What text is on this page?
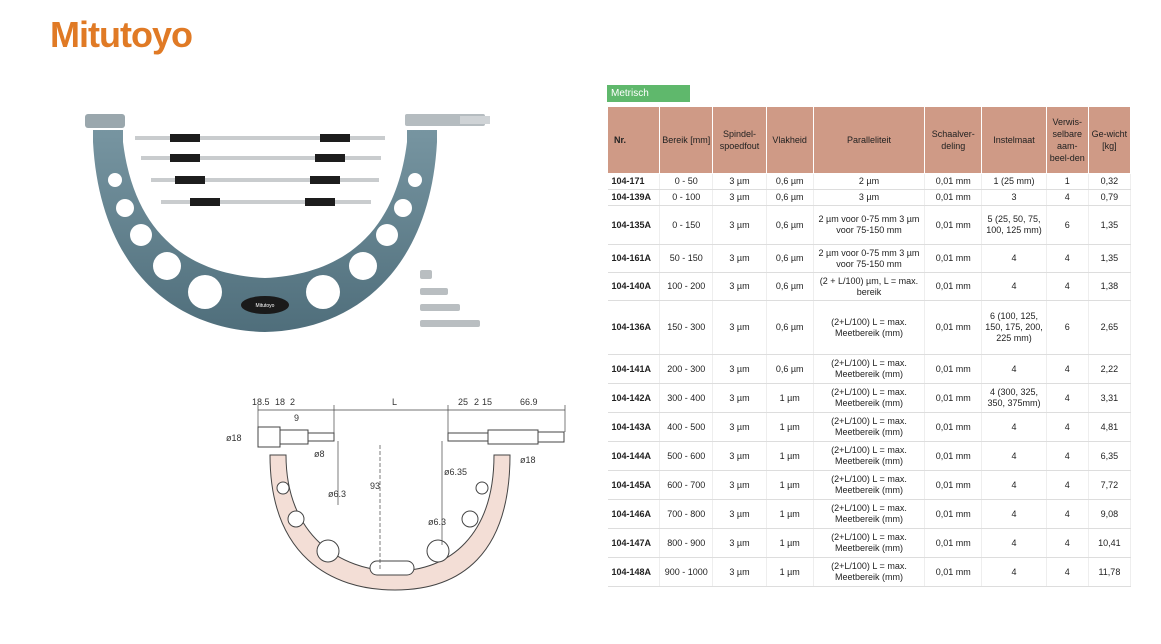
Mitutoyo
Mitutoyo
18.5 18 2
9
L	25 2 15	66.9
ø18
ø8
ø6.3
93
ø6.35
ø6.3
ø18
Metrisch
Nr.	Bereik [mm]	Spindel-spoedfout	Vlakheid	Paralleliteit	Schaalver-deling	Instelmaat	Verwis-selbare aam-beel-den	Ge-wicht [kg]
104-171	0 - 50	3 µm	0,6 µm	2 µm	0,01 mm	1 (25 mm)	1	0,32
104-139A	0 - 100	3 µm	0,6 µm	3 µm	0,01 mm	3	4	0,79
104-135A	0 - 150	3 µm	0,6 µm	2 µm voor 0-75 mm 3 µm voor 75-150 mm	0,01 mm	5 (25, 50, 75, 100, 125 mm)	6	1,35
104-161A	50 - 150	3 µm	0,6 µm	2 µm voor 0-75 mm 3 µm voor 75-150 mm	0,01 mm	4	4	1,35
104-140A	100 - 200	3 µm	0,6 µm	(2 + L/100) µm, L = max. bereik	0,01 mm	4	4	1,38
104-136A	150 - 300	3 µm	0,6 µm	(2+L/100) L = max. Meetbereik (mm)	0,01 mm	6 (100, 125, 150, 175, 200, 225 mm)	6	2,65
104-141A	200 - 300	3 µm	0,6 µm	(2+L/100) L = max. Meetbereik (mm)	0,01 mm	4	4	2,22
104-142A	300 - 400	3 µm	1 µm	(2+L/100) L = max. Meetbereik (mm)	0,01 mm	4 (300, 325, 350, 375mm)	4	3,31
104-143A	400 - 500	3 µm	1 µm	(2+L/100) L = max. Meetbereik (mm)	0,01 mm	4	4	4,81
104-144A	500 - 600	3 µm	1 µm	(2+L/100) L = max. Meetbereik (mm)	0,01 mm	4	4	6,35
104-145A	600 - 700	3 µm	1 µm	(2+L/100) L = max. Meetbereik (mm)	0,01 mm	4	4	7,72
104-146A	700 - 800	3 µm	1 µm	(2+L/100) L = max. Meetbereik (mm)	0,01 mm	4	4	9,08
104-147A	800 - 900	3 µm	1 µm	(2+L/100) L = max. Meetbereik (mm)	0,01 mm	4	4	10,41
104-148A	900 - 1000	3 µm	1 µm	(2+L/100) L = max. Meetbereik (mm)	0,01 mm	4	4	11,78
